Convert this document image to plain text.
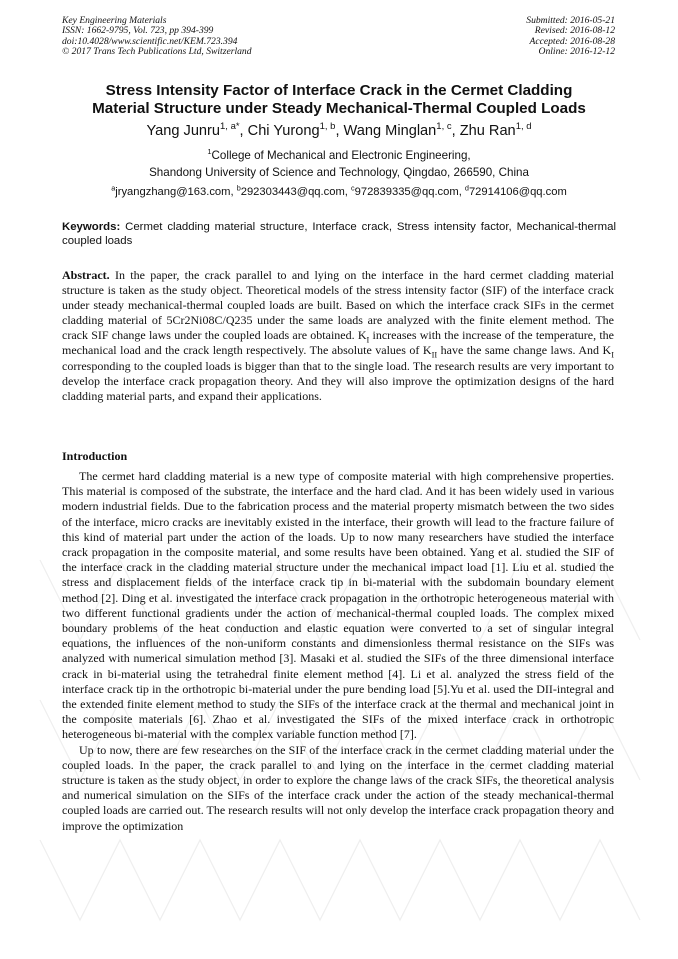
Key Engineering Materials
ISSN: 1662-9795, Vol. 723, pp 394-399
doi:10.4028/www.scientific.net/KEM.723.394
© 2017 Trans Tech Publications Ltd, Switzerland
Submitted: 2016-05-21
Revised: 2016-08-12
Accepted: 2016-08-28
Online: 2016-12-12
Stress Intensity Factor of Interface Crack in the Cermet Cladding
Material Structure under Steady Mechanical-Thermal Coupled Loads
Yang Junru$^{1, a*}$, Chi Yurong$^{1, b}$, Wang Minglan$^{1, c}$, Zhu Ran$^{1, d}$
$^1$College of Mechanical and Electronic Engineering,
Shandong University of Science and Technology, Qingdao, 266590, China
$^a$jryangzhang@163.com, $^b$292303443@qq.com, $^c$972839335@qq.com, $^d$72914106@qq.com
Keywords: Cermet cladding material structure, Interface crack, Stress intensity factor, Mechanical-thermal coupled loads
Abstract. In the paper, the crack parallel to and lying on the interface in the hard cermet cladding material structure is taken as the study object. Theoretical models of the stress intensity factor (SIF) of the interface crack under steady mechanical-thermal coupled loads are built. Based on which the interface crack SIFs in the cermet cladding material of 5Cr2Ni08C/Q235 under the same loads are analyzed with the finite element method. The crack SIF change laws under the coupled loads are obtained. $K_I$ increases with the increase of the temperature, the mechanical load and the crack length respectively. The absolute values of $K_{II}$ have the same change laws. And $K_I$ corresponding to the coupled loads is bigger than that to the single load. The research results are very important to develop the interface crack propagation theory. And they will also improve the optimization designs of the hard cladding material parts, and expand their applications.
Introduction

The cermet hard cladding material is a new type of composite material with high comprehensive properties. This material is composed of the substrate, the interface and the hard clad. And it has been widely used in various modern industrial fields. Due to the fabrication process and the material property mismatch between the two sides of the interface, micro cracks are inevitably existed in the interface, their growth will lead to the fracture failure of this kind of material part under the action of the loads. Up to now many researchers have studied the interface crack propagation in the composite material, and some results have been obtained. Yang et al. studied the SIF of the interface crack in the cladding material structure under the mechanical impact load [1]. Liu et al. studied the stress and displacement fields of the interface crack tip in bi-material with the subdomain boundary element method [2]. Ding et al. investigated the interface crack propagation in the orthotropic heterogeneous material with two different functional gradients under the action of mechanical-thermal coupled loads. The complex mixed boundary problems of the heat conduction and elastic equation were converted to a set of singular integral equations, the influences of the non-uniform constants and dimensionless thermal resistance on the SIFs was analyzed with numerical simulation method [3]. Masaki et al. studied the SIFs of the three dimensional interface crack in bi-material using the tetrahedral finite element method [4]. Li et al. analyzed the stress field of the interface crack tip in the orthotropic bi-material under the pure bending load [5].Yu et al. used the DII-integral and the extended finite element method to study the SIFs of the interface crack at the thermal and mechanical joint in the composite materials [6]. Zhao et al. investigated the SIFs of the mixed interface crack in orthotropic heterogeneous bi-material with the complex variable function method [7].

Up to now, there are few researches on the SIF of the interface crack in the cermet cladding material under the coupled loads. In the paper, the crack parallel to and lying on the interface in the cermet cladding material structure is taken as the study object, in order to explore the change laws of the crack SIFs, the theoretical analysis and numerical simulation on the SIFs of the interface crack under the action of the steady mechanical-thermal coupled loads are carried out. The research results will not only develop the interface crack propagation theory and improve the optimization
